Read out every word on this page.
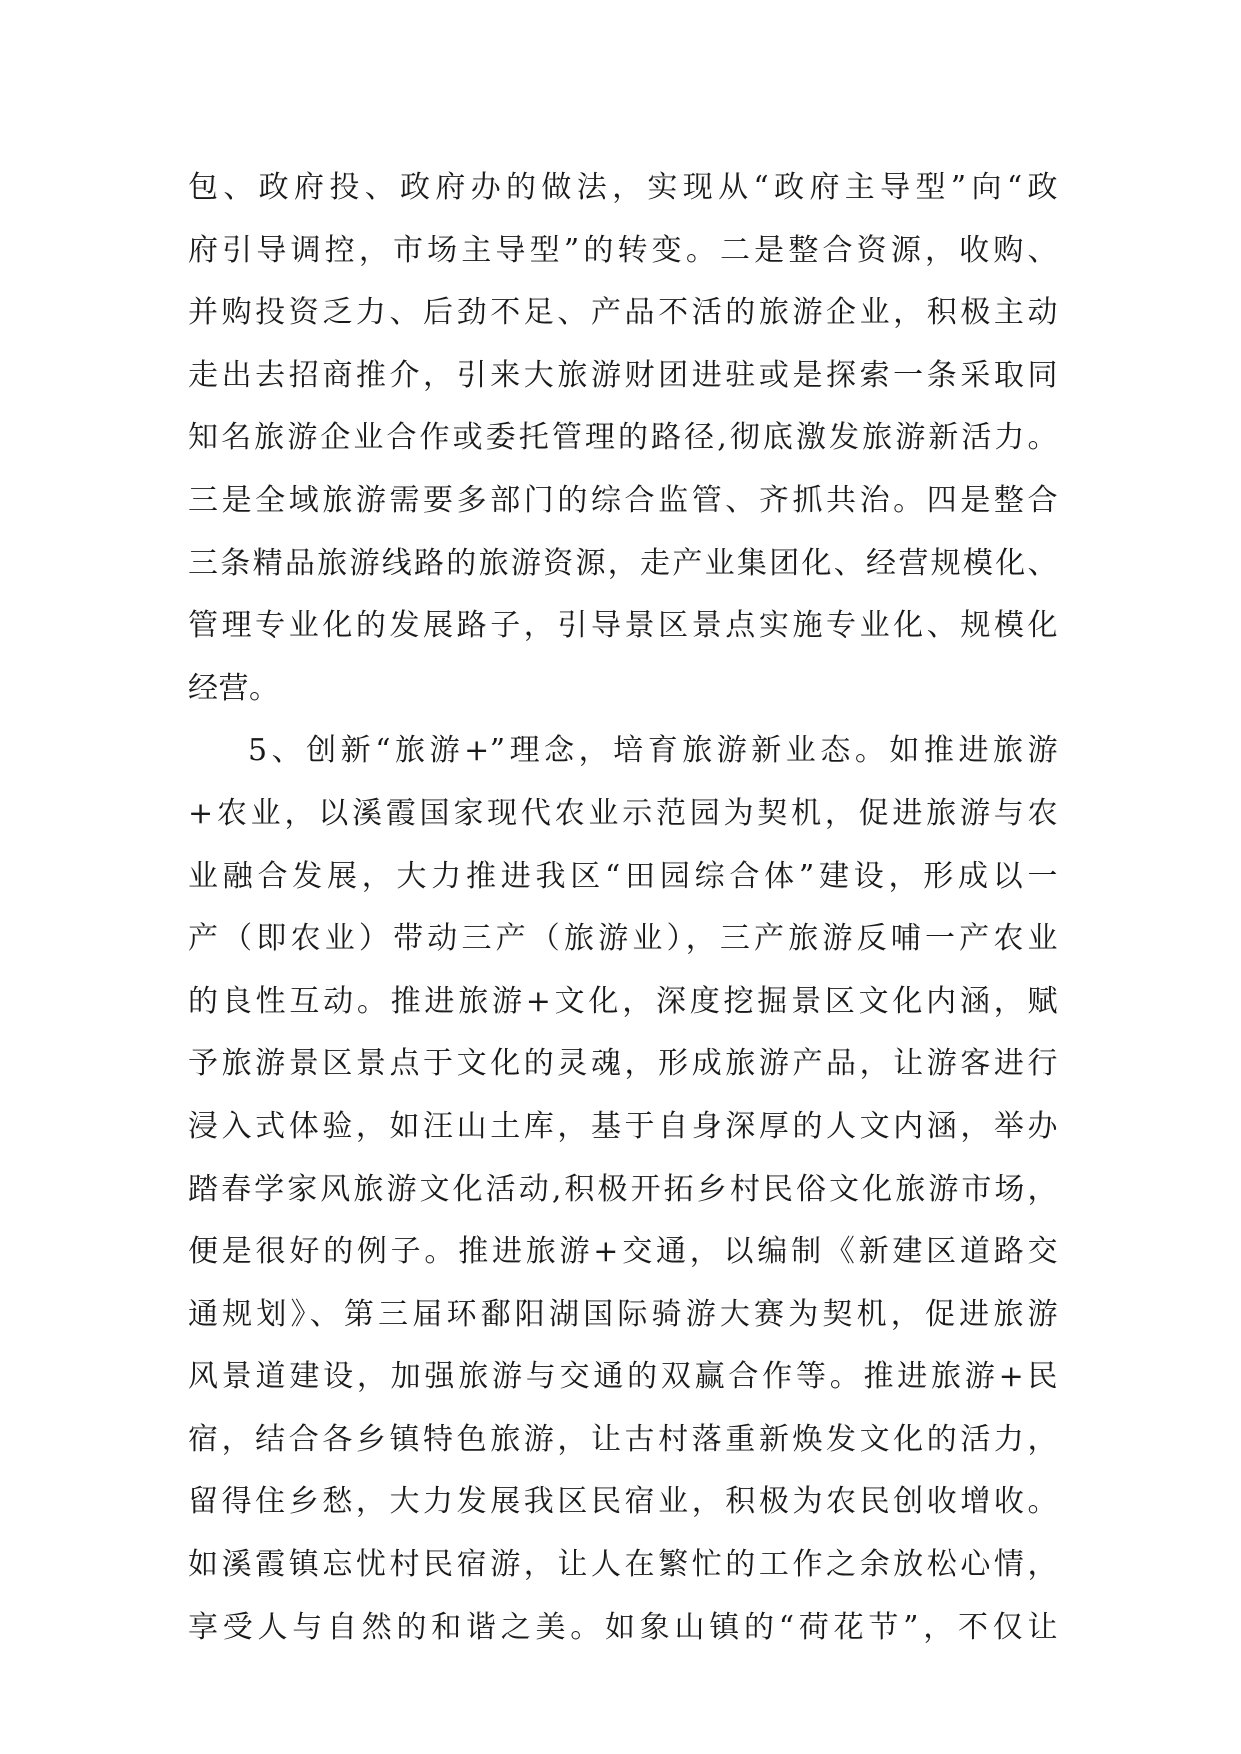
包、政府投、政府办的做法，实现从“政府主导型”向“政
府引导调控，市场主导型”的转变。二是整合资源，收购、
并购投资乏力、后劲不足、产品不活的旅游企业，积极主动
走出去招商推介，引来大旅游财团进驻或是探索一条采取同
知名旅游企业合作或委托管理的路径,彻底激发旅游新活力。
三是全域旅游需要多部门的综合监管、齐抓共治。四是整合
三条精品旅游线路的旅游资源，走产业集团化、经营规模化、
管理专业化的发展路子，引导景区景点实施专业化、规模化
经营。
5、创新“旅游+”理念，培育旅游新业态。如推进旅游
+农业，以溪霞国家现代农业示范园为契机，促进旅游与农
业融合发展，大力推进我区“田园综合体”建设，形成以一
产（即农业）带动三产（旅游业），三产旅游反哺一产农业
的良性互动。推进旅游+文化，深度挖掘景区文化内涵，赋
予旅游景区景点于文化的灵魂，形成旅游产品，让游客进行
浸入式体验，如汪山土库，基于自身深厚的人文内涵，举办
踏春学家风旅游文化活动,积极开拓乡村民俗文化旅游市场，
便是很好的例子。推进旅游+交通，以编制《新建区道路交
通规划》、第三届环鄱阳湖国际骑游大赛为契机，促进旅游
风景道建设，加强旅游与交通的双赢合作等。推进旅游+民
宿，结合各乡镇特色旅游，让古村落重新焕发文化的活力，
留得住乡愁，大力发展我区民宿业，积极为农民创收增收。
如溪霞镇忘忧村民宿游，让人在繁忙的工作之余放松心情，
享受人与自然的和谐之美。如象山镇的“荷花节”，不仅让
